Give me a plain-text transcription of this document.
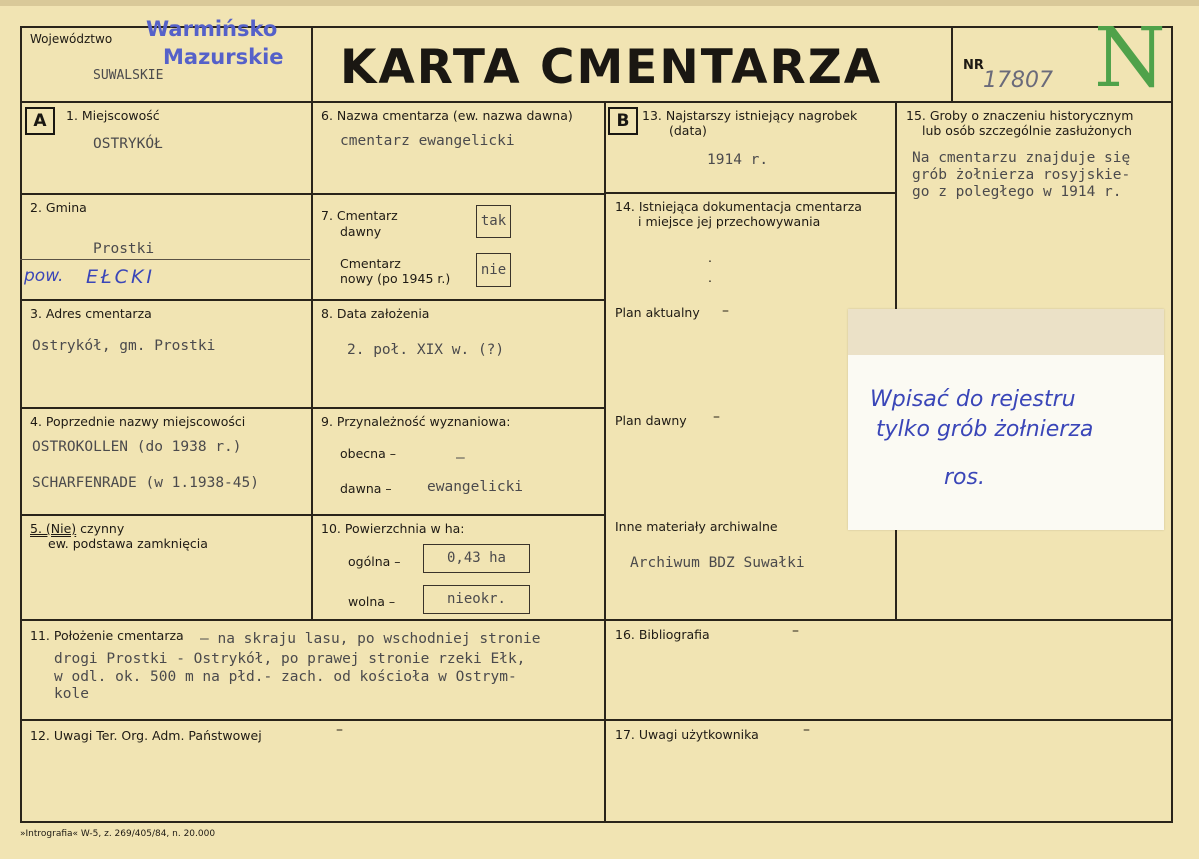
Województwo Warmińsko
Mazurskie
SUWALSKIE	KARTA CMENTARZA	NR
17807 N
A	1. Miejscowość
OSTRYKÓŁ
2. Gmina
Prostki
pow. EŁCKI
3. Adres cmentarza
Ostrykół, gm. Prostki
4. Poprzednie nazwy miejscowości
OSTROKOLLEN (do 1938 r.)
SCHARFENRADE (w 1.1938-45)
5. (Nie) czynny
ew. podstawa zamknięcia
6. Nazwa cmentarza (ew. nazwa dawna)
cmentarz ewangelicki
7. Cmentarz
dawny
tak
Cmentarz
nowy (po 1945 r.)
nie
8. Data założenia
2. poł. XIX w. (?)
9. Przynależność wyznaniowa:
obecna –	–
dawna – ewangelicki
10. Powierzchnia w ha:
ogólna –	0,43 ha
wolna –	nieokr.
B	13. Najstarszy istniejący nagrobek
(data)
1914 r.
14. Istniejąca dokumentacja cmentarza
i miejsce jej przechowywania
.
.
Plan aktualny –
Plan dawny –
Inne materiały archiwalne
Archiwum BDZ Suwałki
15. Groby o znaczeniu historycznym
lub osób szczególnie zasłużonych
Na cmentarzu znajduje się
grób żołnierza rosyjskie-
go z poległego w 1914 r.
Wpisać do rejestru
tylko grób żołnierza
ros.
11. Położenie cmentarza – na skraju lasu, po wschodniej stronie
drogi Prostki - Ostrykół, po prawej stronie rzeki Ełk,
w odl. ok. 500 m na płd.- zach. od kościoła w Ostrym-
kole
16. Bibliografia	–
12. Uwagi Ter. Org. Adm. Państwowej	–	17. Uwagi użytkownika	–
»Intrografia« W-5, z. 269/405/84, n. 20.000
